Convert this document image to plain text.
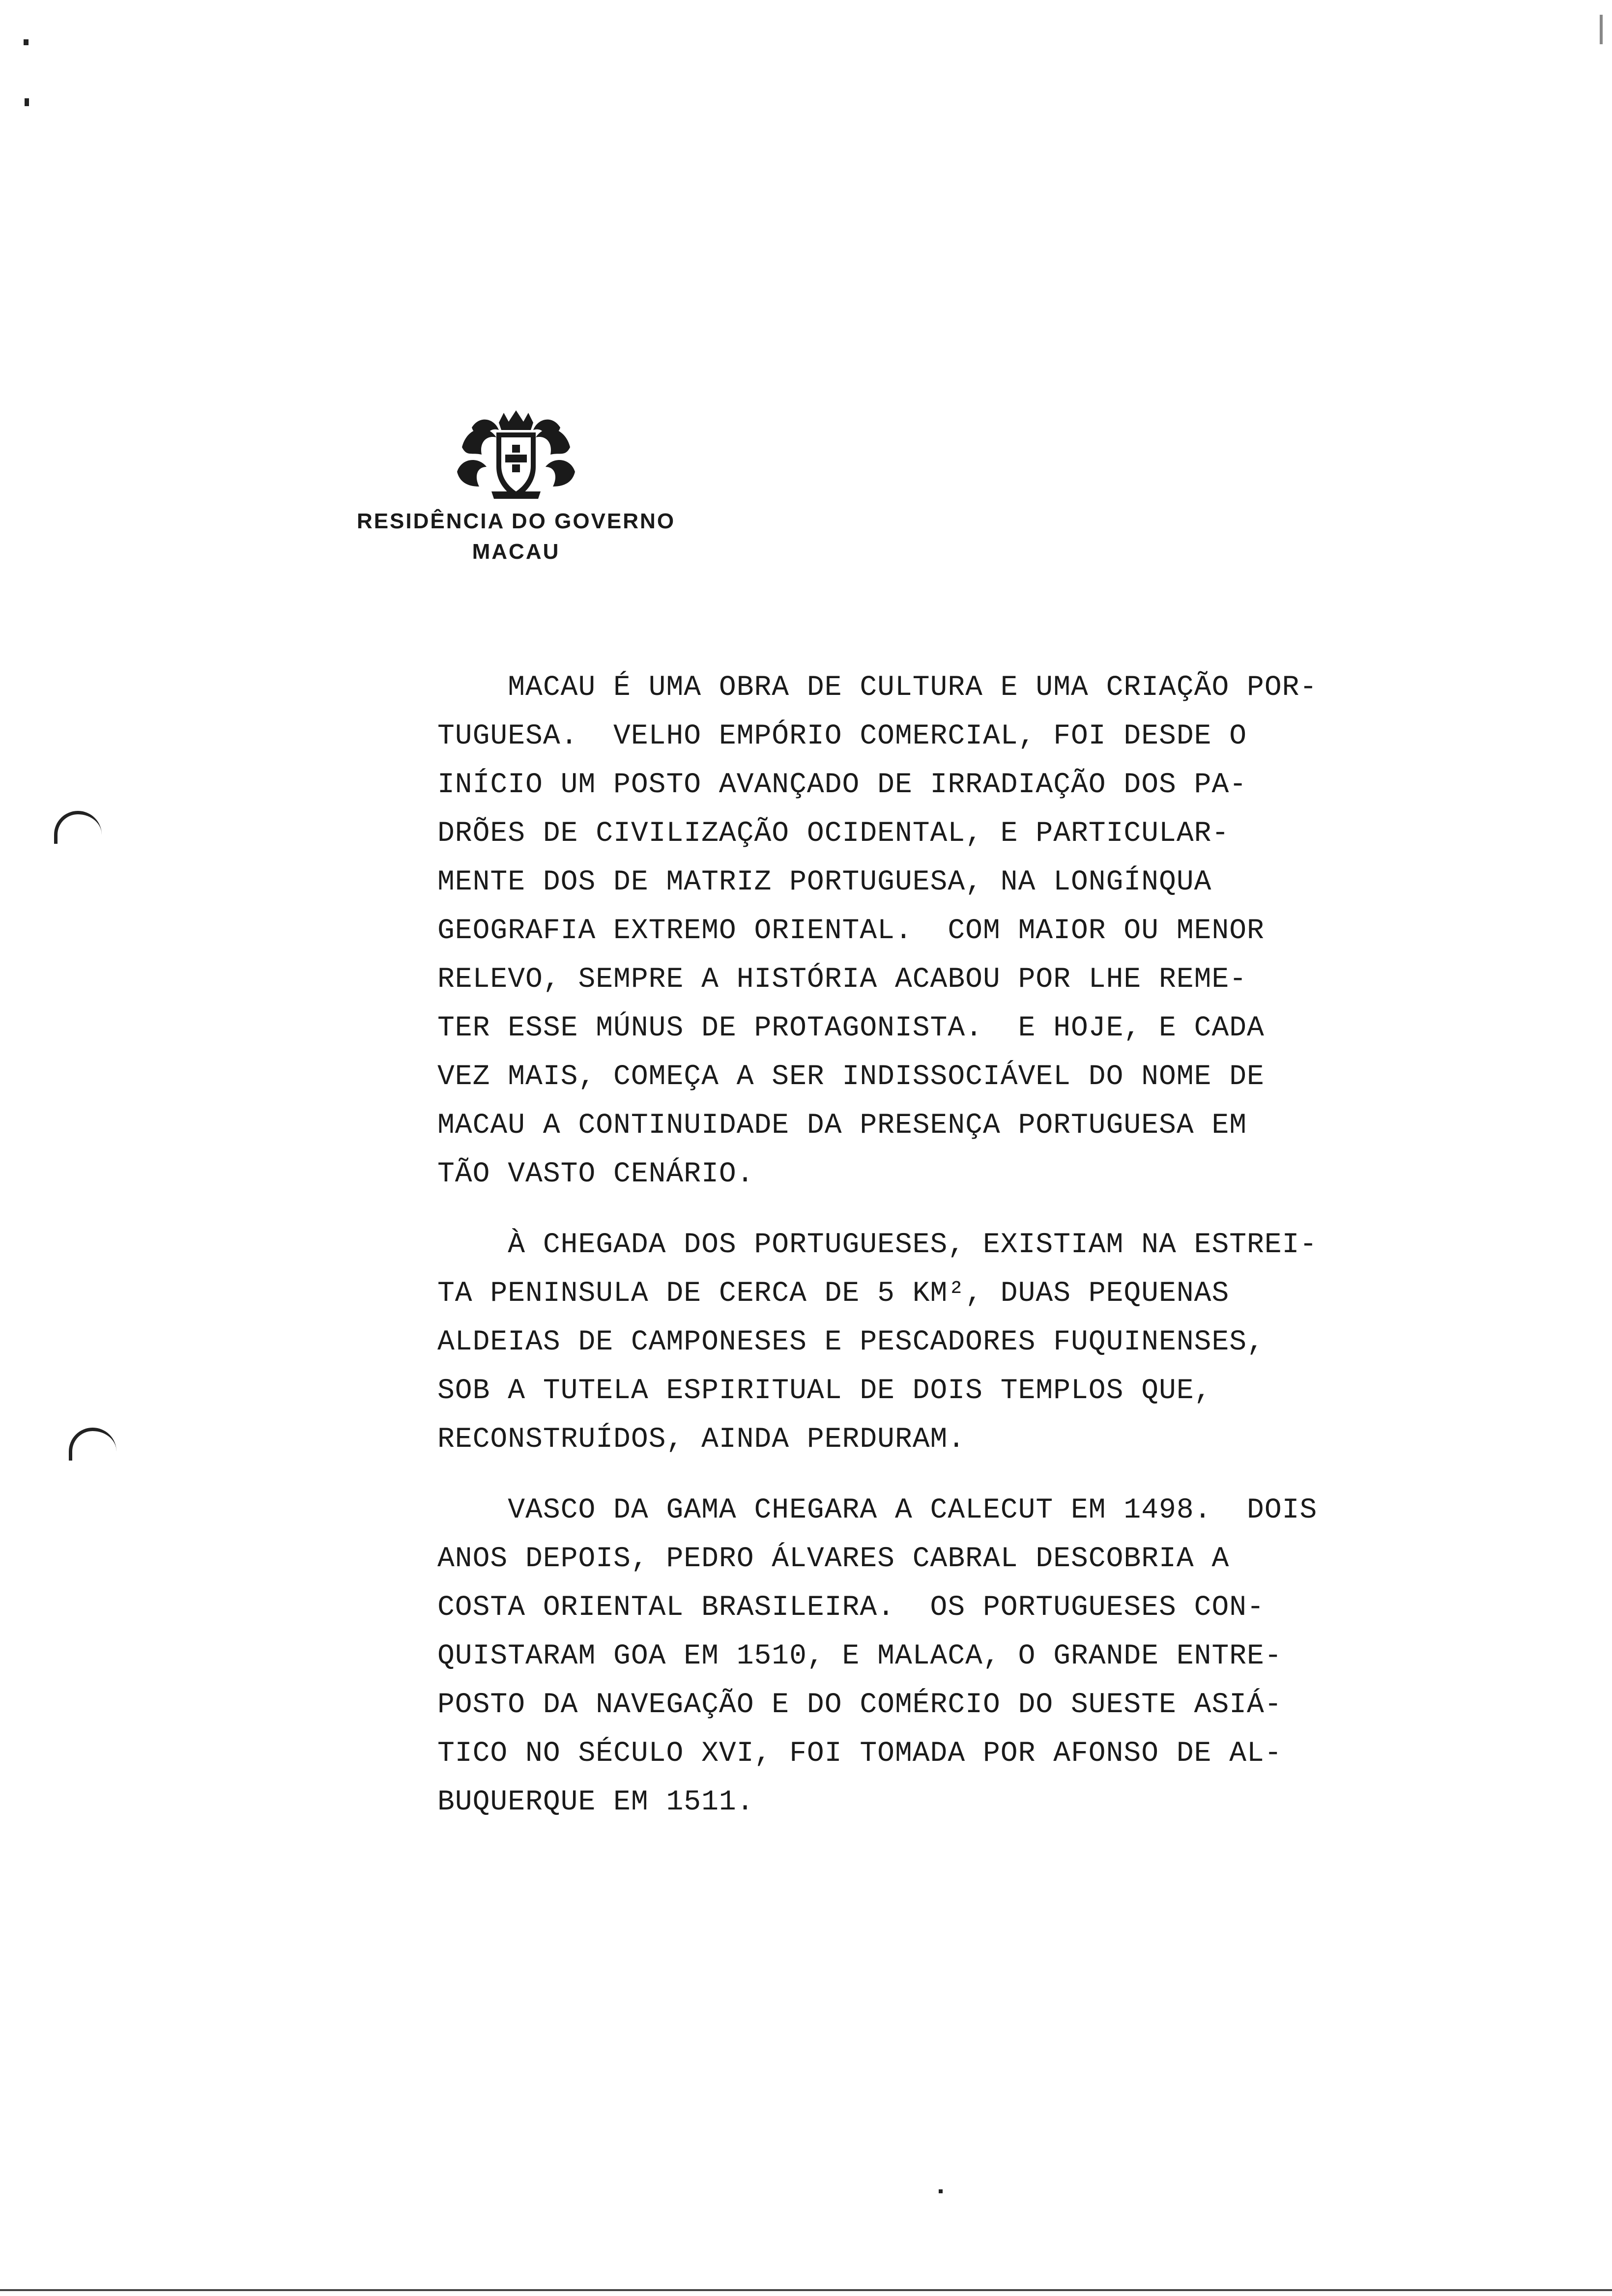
RESIDÊNCIA DO GOVERNO
MACAU
MACAU É UMA OBRA DE CULTURA E UMA CRIAÇÃO POR-
TUGUESA.  VELHO EMPÓRIO COMERCIAL, FOI DESDE O
INÍCIO UM POSTO AVANÇADO DE IRRADIAÇÃO DOS PA-
DRÕES DE CIVILIZAÇÃO OCIDENTAL, E PARTICULAR-
MENTE DOS DE MATRIZ PORTUGUESA, NA LONGÍNQUA
GEOGRAFIA EXTREMO ORIENTAL.  COM MAIOR OU MENOR
RELEVO, SEMPRE A HISTÓRIA ACABOU POR LHE REME-
TER ESSE MÚNUS DE PROTAGONISTA.  E HOJE, E CADA
VEZ MAIS, COMEÇA A SER INDISSOCIÁVEL DO NOME DE
MACAU A CONTINUIDADE DA PRESENÇA PORTUGUESA EM
TÃO VASTO CENÁRIO.
À CHEGADA DOS PORTUGUESES, EXISTIAM NA ESTREI-
TA PENINSULA DE CERCA DE 5 KM², DUAS PEQUENAS
ALDEIAS DE CAMPONESES E PESCADORES FUQUINENSES,
SOB A TUTELA ESPIRITUAL DE DOIS TEMPLOS QUE,
RECONSTRUÍDOS, AINDA PERDURAM.
VASCO DA GAMA CHEGARA A CALECUT EM 1498.  DOIS
ANOS DEPOIS, PEDRO ÁLVARES CABRAL DESCOBRIA A
COSTA ORIENTAL BRASILEIRA.  OS PORTUGUESES CON-
QUISTARAM GOA EM 1510, E MALACA, O GRANDE ENTRE-
POSTO DA NAVEGAÇÃO E DO COMÉRCIO DO SUESTE ASIÁ-
TICO NO SÉCULO XVI, FOI TOMADA POR AFONSO DE AL-
BUQUERQUE EM 1511.
